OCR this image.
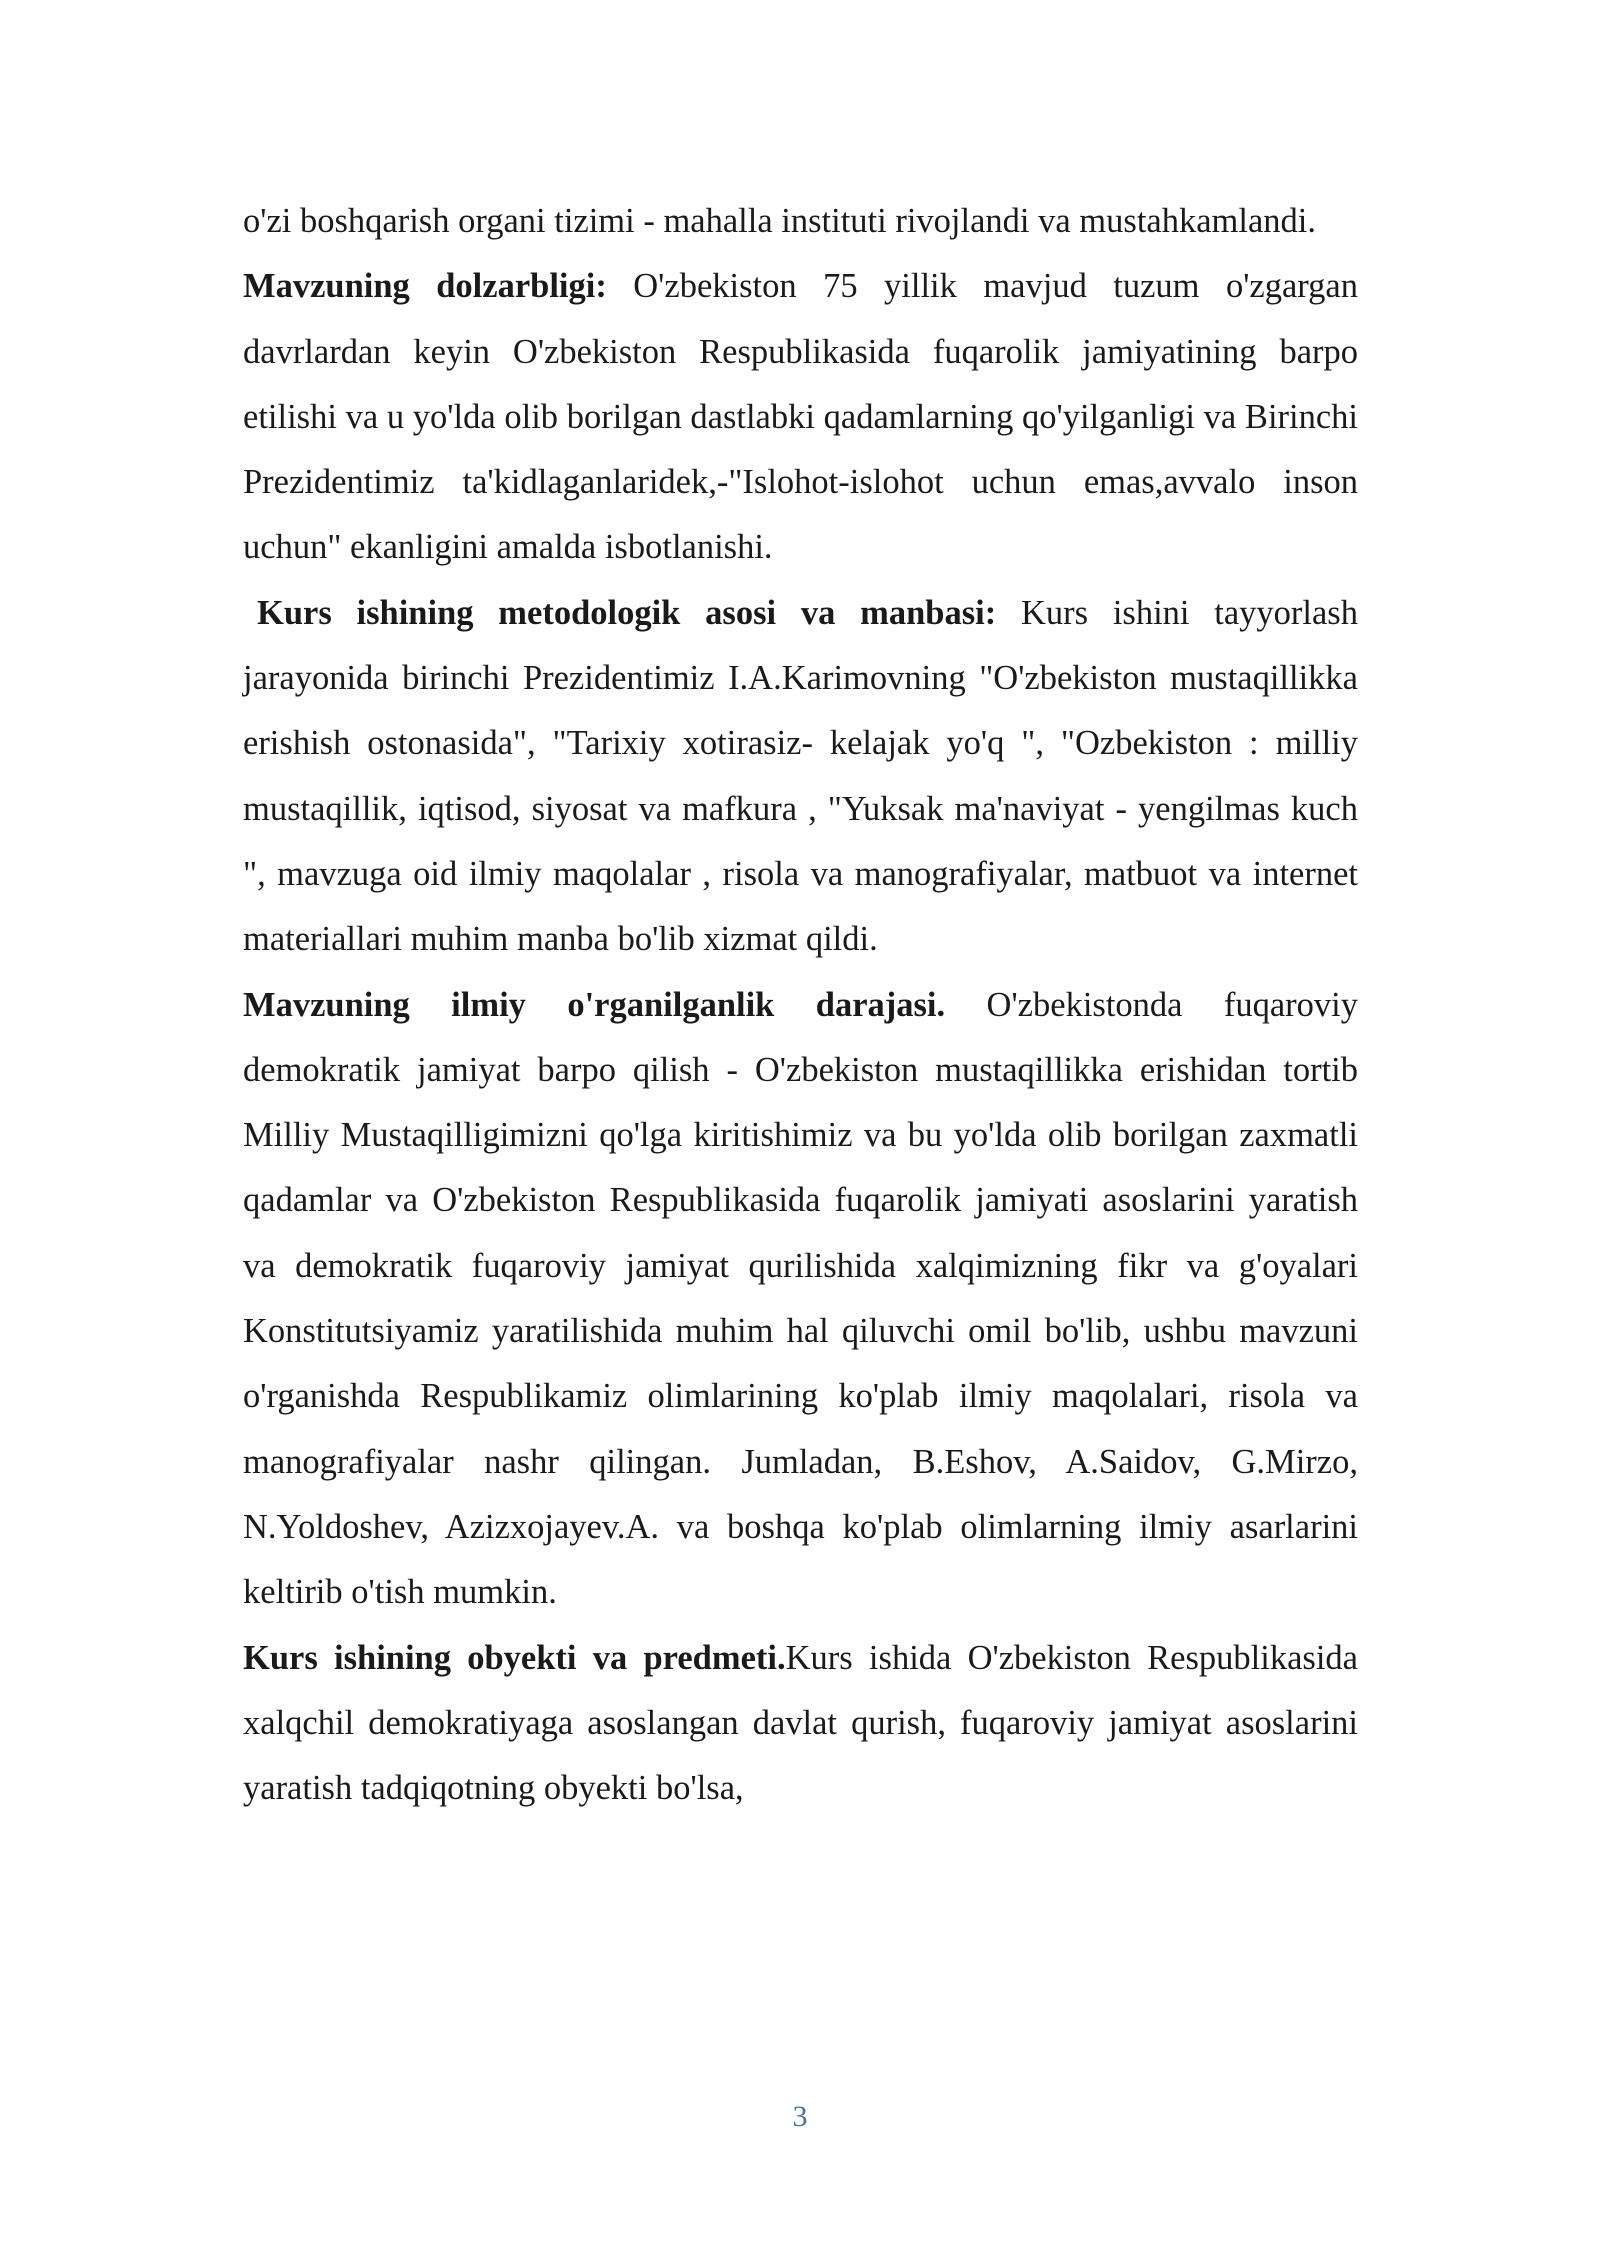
o'zi boshqarish organi tizimi - mahalla instituti rivojlandi va mustahkamlandi.

Mavzuning dolzarbligi: O'zbekiston 75 yillik mavjud tuzum o'zgargan davrlardan keyin O'zbekiston Respublikasida fuqarolik jamiyatining barpo etilishi va u yo'lda olib borilgan dastlabki qadamlarning qo'yilganligi va Birinchi Prezidentimiz ta'kidlaganlaridek,-"Islohot-islohot uchun emas,avvalo inson uchun" ekanligini amalda isbotlanishi.

Kurs ishining metodologik asosi va manbasi: Kurs ishini tayyorlash jarayonida birinchi Prezidentimiz I.A.Karimovning "O'zbekiston mustaqillikka erishish ostonasida", "Tarixiy xotirasiz- kelajak yo'q ", "Ozbekiston : milliy mustaqillik, iqtisod, siyosat va mafkura , "Yuksak ma'naviyat - yengilmas kuch ", mavzuga oid ilmiy maqolalar , risola va manografiyalar, matbuot va internet materiallari muhim manba bo'lib xizmat qildi.

Mavzuning ilmiy o'rganilganlik darajasi. O'zbekistonda fuqaroviy demokratik jamiyat barpo qilish - O'zbekiston mustaqillikka erishidan tortib Milliy Mustaqilligimizni qo'lga kiritishimiz va bu yo'lda olib borilgan zaxmatli qadamlar va O'zbekiston Respublikasida fuqarolik jamiyati asoslarini yaratish va demokratik fuqaroviy jamiyat qurilishida xalqimizning fikr va g'oyalari Konstitutsiyamiz yaratilishida muhim hal qiluvchi omil bo'lib, ushbu mavzuni o'rganishda Respublikamiz olimlarining ko'plab ilmiy maqolalari, risola va manografiyalar nashr qilingan. Jumladan, B.Eshov, A.Saidov, G.Mirzo, N.Yoldoshev, Azizxojayev.A. va boshqa ko'plab olimlarning ilmiy asarlarini keltirib o'tish mumkin.

Kurs ishining obyekti va predmeti.Kurs ishida O'zbekiston Respublikasida xalqchil demokratiyaga asoslangan davlat qurish, fuqaroviy jamiyat asoslarini yaratish tadqiqotning obyekti bo'lsa,

3
